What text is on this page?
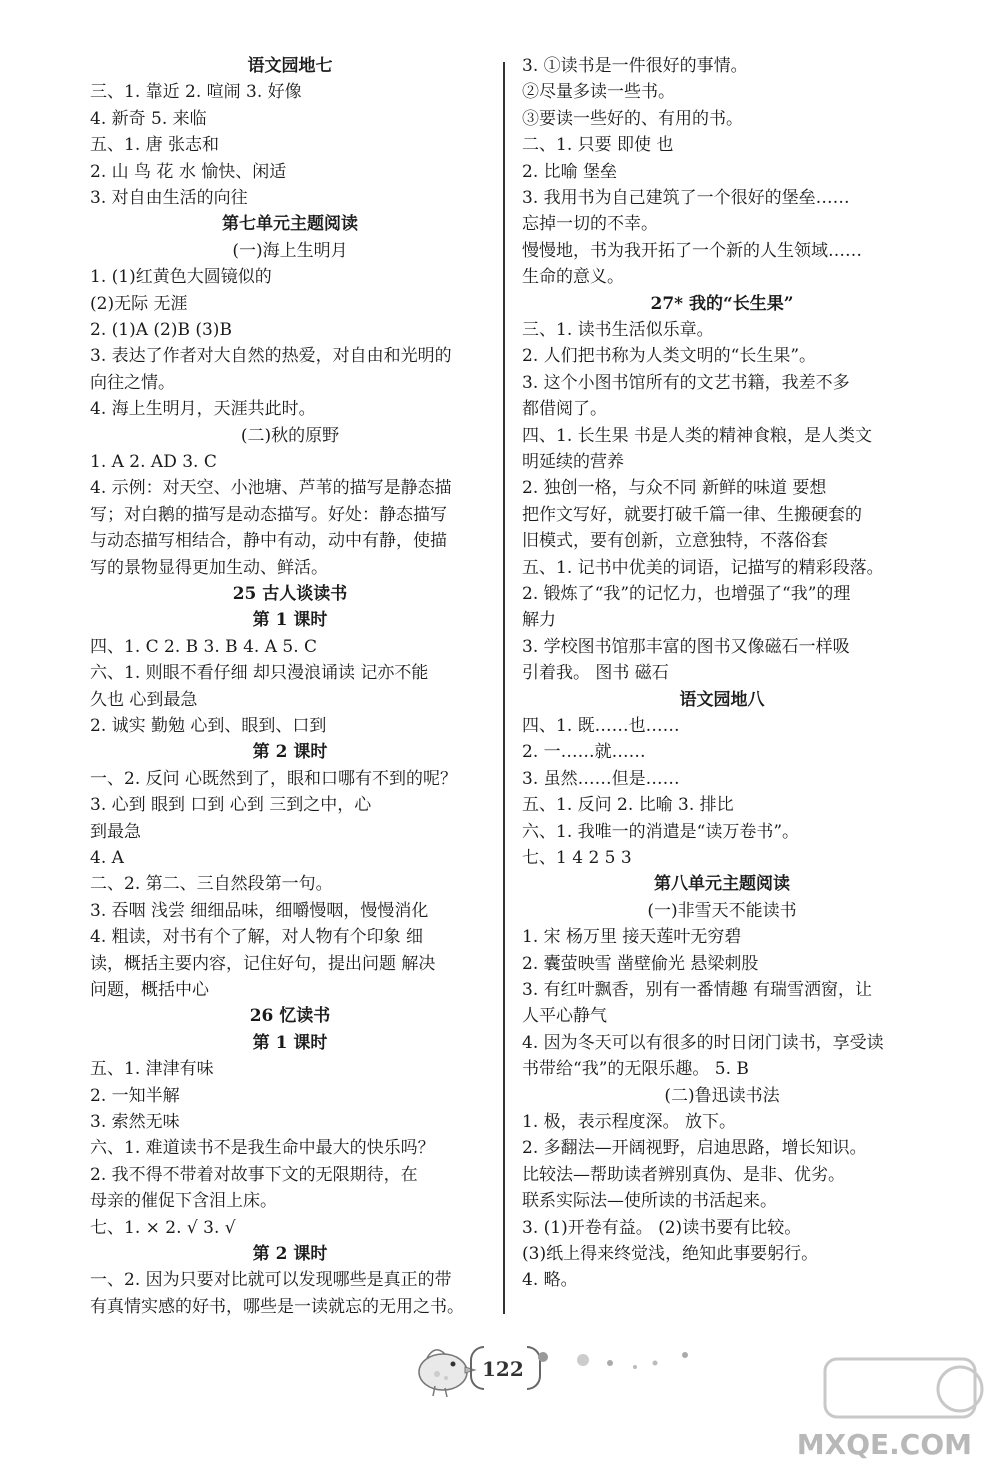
语文园地七
三、1. 靠近 2. 喧闹 3. 好像
4. 新奇 5. 来临
五、1. 唐 张志和
2. 山 鸟 花 水 愉快、闲适
3. 对自由生活的向往
第七单元主题阅读
(一)海上生明月
1. (1)红黄色大圆镜似的
(2)无际 无涯
2. (1)A (2)B (3)B
3. 表达了作者对大自然的热爱，对自由和光明的
向往之情。
4. 海上生明月，天涯共此时。
(二)秋的原野
1. A 2. AD 3. C
4. 示例：对天空、小池塘、芦苇的描写是静态描
写；对白鹅的描写是动态描写。好处：静态描写
与动态描写相结合，静中有动，动中有静，使描
写的景物显得更加生动、鲜活。
25 古人谈读书
第 1 课时
四、1. C 2. B 3. B 4. A 5. C
六、1. 则眼不看仔细 却只漫浪诵读 记亦不能
久也 心到最急
2. 诚实 勤勉 心到、眼到、口到
第 2 课时
一、2. 反问 心既然到了，眼和口哪有不到的呢？
3. 心到 眼到 口到 心到 三到之中，心
到最急
4. A
二、2. 第二、三自然段第一句。
3. 吞咽 浅尝 细细品味，细嚼慢咽，慢慢消化
4. 粗读，对书有个了解，对人物有个印象 细
读，概括主要内容，记住好句，提出问题 解决
问题，概括中心
26 忆读书
第 1 课时
五、1. 津津有味
2. 一知半解
3. 索然无味
六、1. 难道读书不是我生命中最大的快乐吗？
2. 我不得不带着对故事下文的无限期待，在
母亲的催促下含泪上床。
七、1. × 2. √ 3. √
第 2 课时
一、2. 因为只要对比就可以发现哪些是真正的带
有真情实感的好书，哪些是一读就忘的无用之书。
3. ①读书是一件很好的事情。
②尽量多读一些书。
③要读一些好的、有用的书。
二、1. 只要 即使 也
2. 比喻 堡垒
3. 我用书为自己建筑了一个很好的堡垒……
忘掉一切的不幸。
慢慢地，书为我开拓了一个新的人生领域……
生命的意义。
27* 我的“长生果”
三、1. 读书生活似乐章。
2. 人们把书称为人类文明的“长生果”。
3. 这个小图书馆所有的文艺书籍，我差不多
都借阅了。
四、1. 长生果 书是人类的精神食粮，是人类文
明延续的营养
2. 独创一格，与众不同 新鲜的味道 要想
把作文写好，就要打破千篇一律、生搬硬套的
旧模式，要有创新，立意独特，不落俗套
五、1. 记书中优美的词语，记描写的精彩段落。
2. 锻炼了“我”的记忆力，也增强了“我”的理
解力
3. 学校图书馆那丰富的图书又像磁石一样吸
引着我。 图书 磁石
语文园地八
四、1. 既……也……
2. 一……就……
3. 虽然……但是……
五、1. 反问 2. 比喻 3. 排比
六、1. 我唯一的消遣是“读万卷书”。
七、1 4 2 5 3
第八单元主题阅读
(一)非雪天不能读书
1. 宋 杨万里 接天莲叶无穷碧
2. 囊萤映雪 凿壁偷光 悬梁刺股
3. 有红叶飘香，别有一番情趣 有瑞雪洒窗，让
人平心静气
4. 因为冬天可以有很多的时日闭门读书，享受读
书带给“我”的无限乐趣。 5. B
(二)鲁迅读书法
1. 极，表示程度深。 放下。
2. 多翻法—开阔视野，启迪思路，增长知识。
比较法—帮助读者辨别真伪、是非、优劣。
联系实际法—使所读的书活起来。
3. (1)开卷有益。 (2)读书要有比较。
(3)纸上得来终觉浅，绝知此事要躬行。
4. 略。
122
MXQE.COM
